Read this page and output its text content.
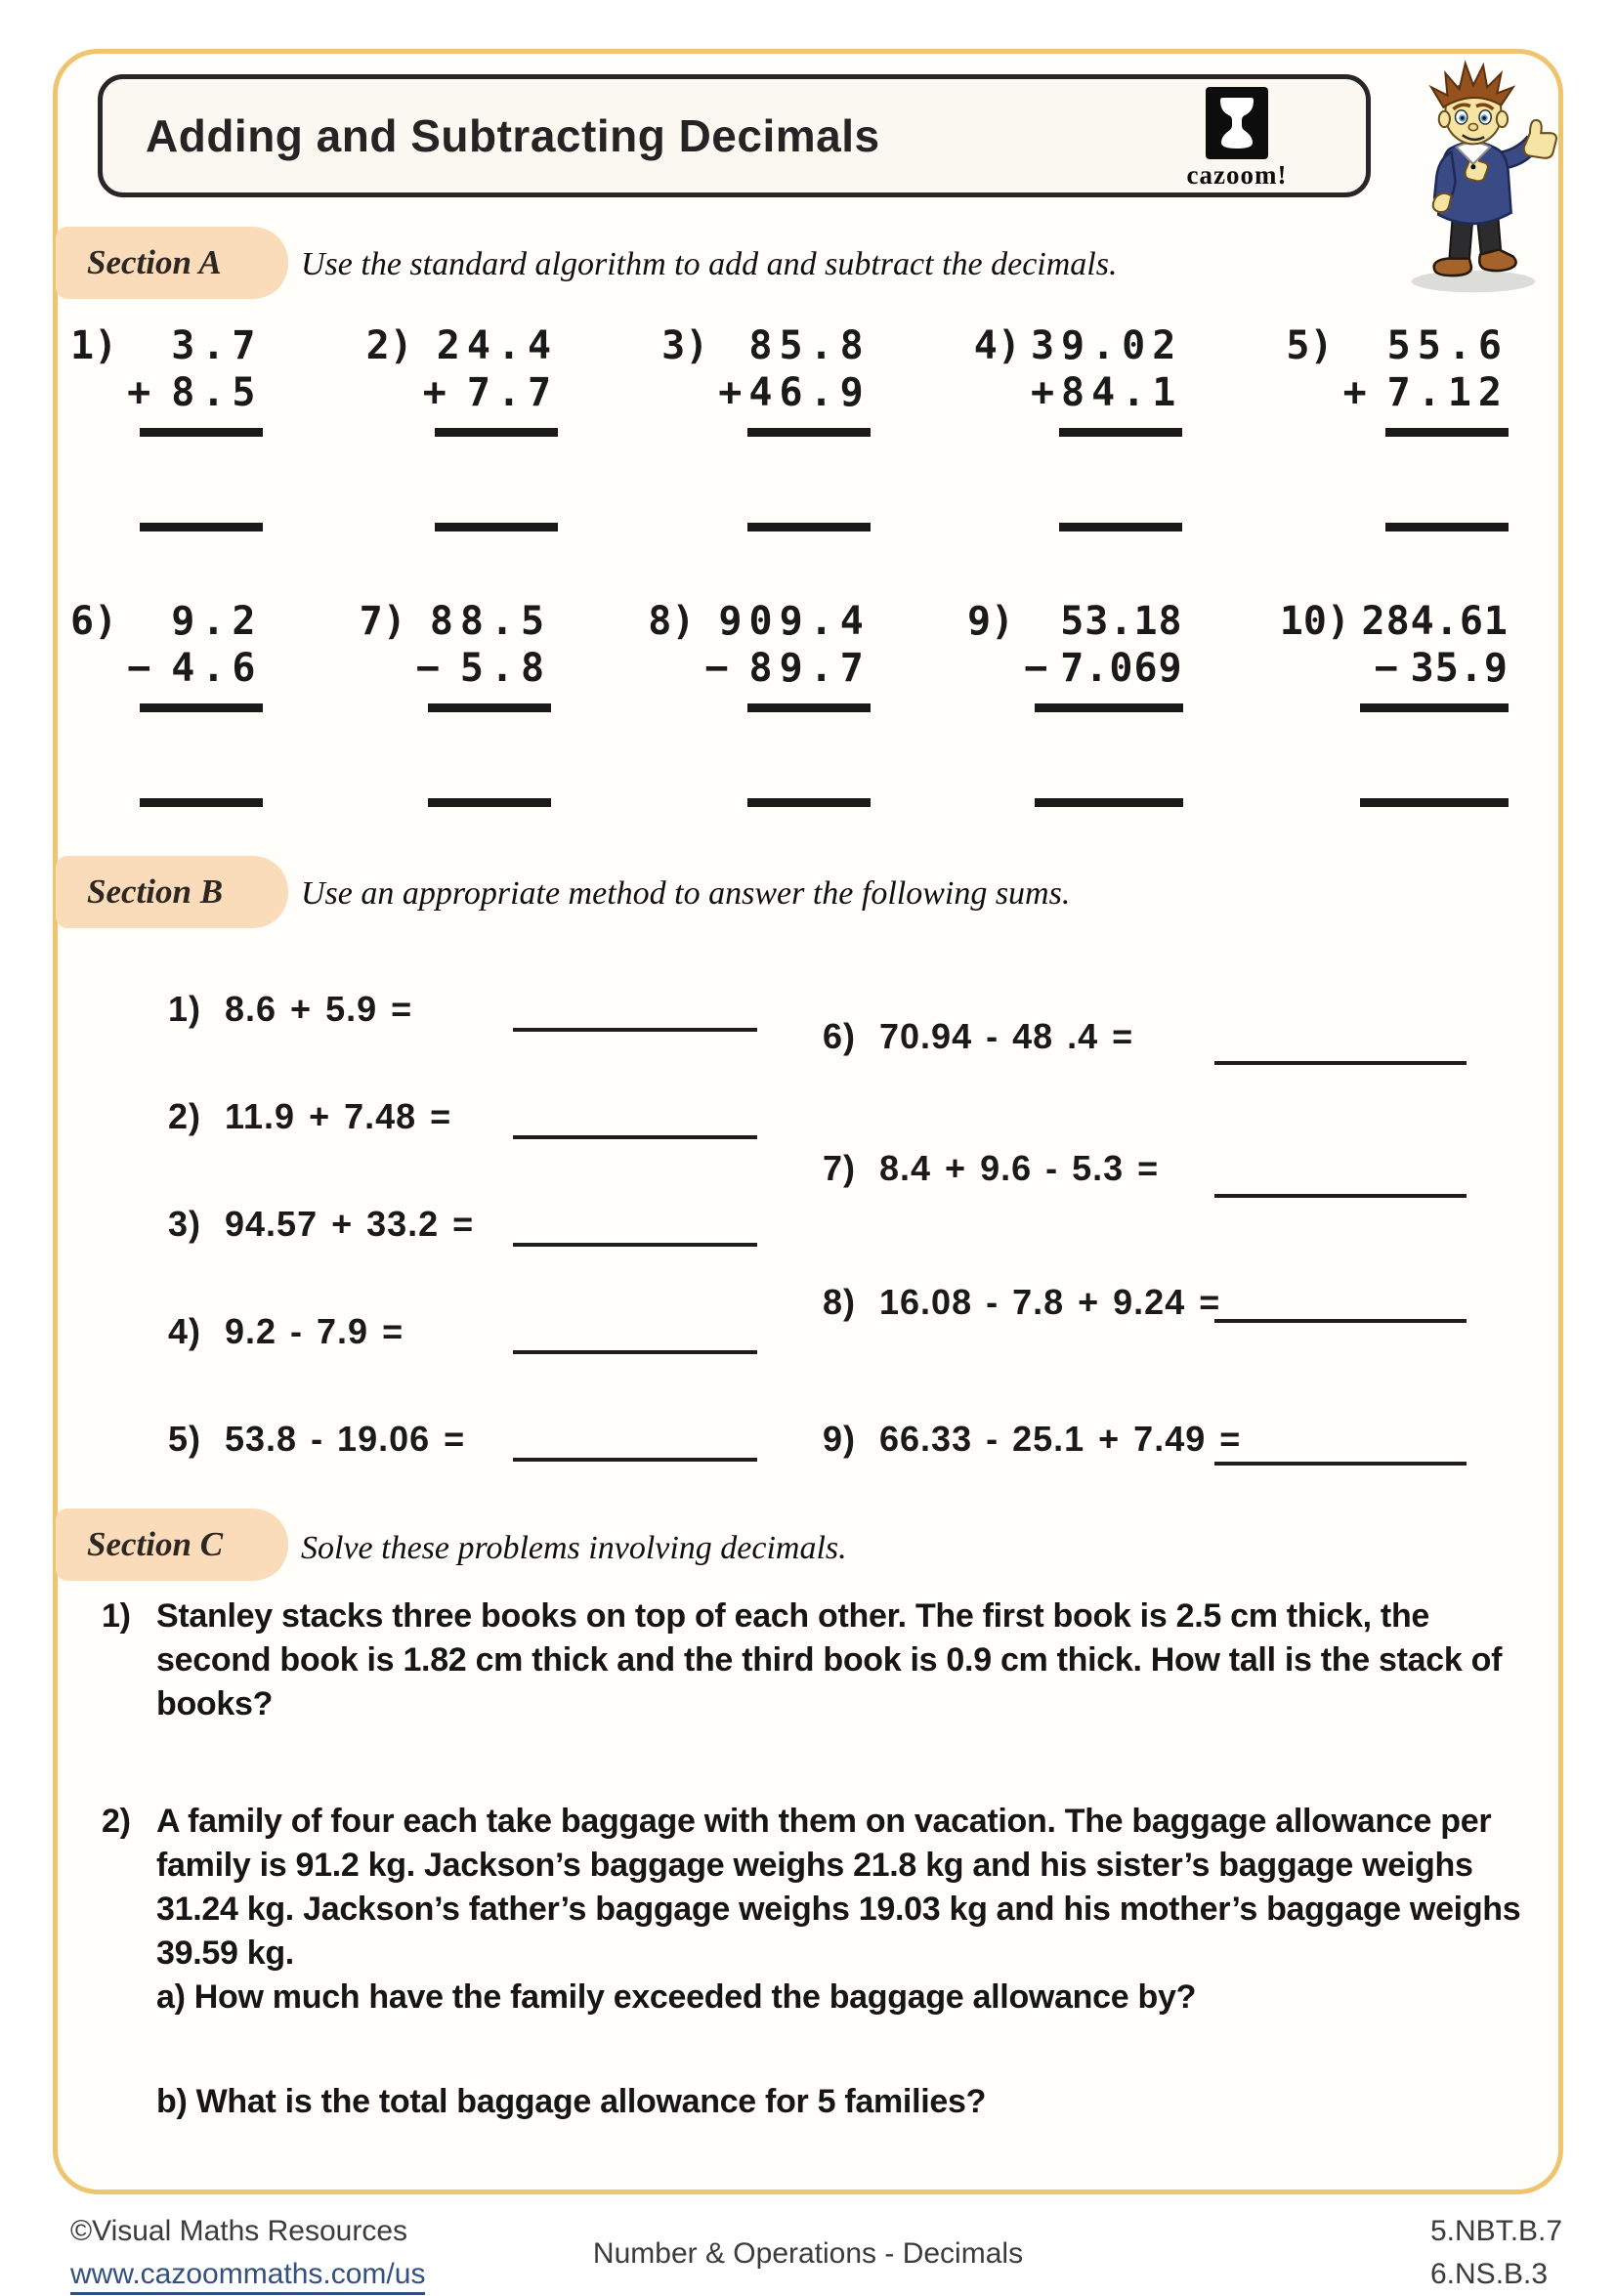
Adding and Subtracting Decimals
cazoom!
Section A	Use the standard algorithm to add and subtract the decimals.
1) 3.7
+ 8.5
2) 24.4
+ 7.7
3) 85.8
+ 46.9
4) 39.02
+ 84.1
5) 55.6
+ 7.12
6) 9.2
− 4.6
7) 88.5
− 5.8
8) 909.4
− 89.7
9) 53.18
− 7.069
10) 284.61
− 35.9
Section B	Use an appropriate method to answer the following sums.
1) 8.6 + 5.9 =
2) 11.9 + 7.48 =
3) 94.57 + 33.2 =
4) 9.2 - 7.9 =
5) 53.8 - 19.06 =
6) 70.94 - 48 .4 =
7) 8.4 + 9.6 - 5.3 =
8) 16.08 - 7.8 + 9.24 =
9) 66.33 - 25.1 + 7.49 =
Section C	Solve these problems involving decimals.
1) Stanley stacks three books on top of each other. The first book is 2.5 cm thick, the second book is 1.82 cm thick and the third book is 0.9 cm thick. How tall is the stack of books?
2) A family of four each take baggage with them on vacation. The baggage allowance per family is 91.2 kg. Jackson’s baggage weighs 21.8 kg and his sister’s baggage weighs 31.24 kg. Jackson’s father’s baggage weighs 19.03 kg and his mother’s baggage weighs 39.59 kg.
a) How much have the family exceeded the baggage allowance by?
b) What is the total baggage allowance for 5 families?
©Visual Maths Resources
www.cazoommaths.com/us
Number & Operations - Decimals
5.NBT.B.7
6.NS.B.3
